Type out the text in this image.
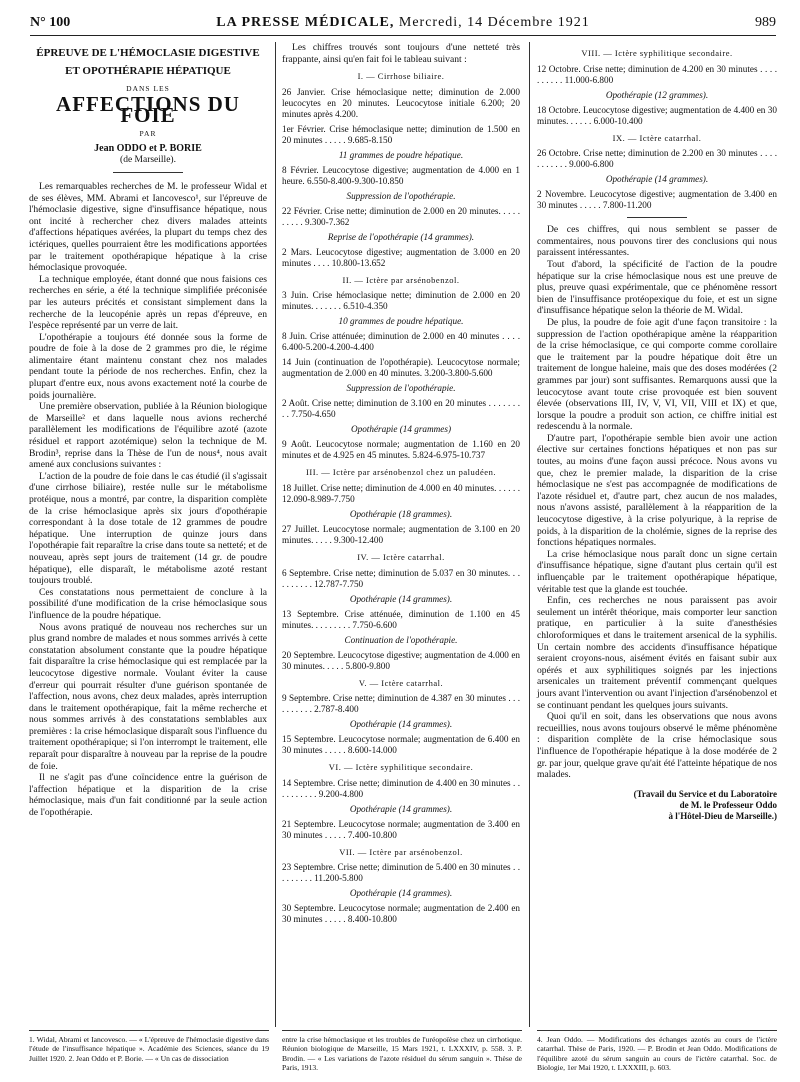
N° 100	LA PRESSE MÉDICALE, Mercredi, 14 Décembre 1921	989
ÉPREUVE DE L'HÉMOCLASIE DIGESTIVE
ET OPOTHÉRAPIE HÉPATIQUE
DANS LES
AFFECTIONS DU FOIE
PAR
Jean ODDO et P. BORIE
(de Marseille).

Les remarquables recherches de M. le professeur Widal et de ses élèves, MM. Abrami et Iancovesco¹, sur l'épreuve de l'hémoclasie digestive, signe d'insuffisance hépatique, nous ont incité à rechercher chez divers malades atteints d'affections hépatiques avérées, la plupart du temps chez des ictériques, quelles pourraient être les modifications apportées par le traitement opothérapique hépatique à la crise hémoclasique provoquée.

La technique employée, étant donné que nous faisions ces recherches en série, a été la technique simplifiée préconisée par les auteurs précités et consistant simplement dans la recherche de la leucopénie après un repas d'épreuve, en l'espèce représenté par un verre de lait.

L'opothérapie a toujours été donnée sous la forme de poudre de foie à la dose de 2 grammes pro die, le régime alimentaire étant maintenu constant chez nos malades pendant toute la période de nos recherches. Enfin, chez la plupart d'entre eux, nous avons exactement noté la courbe de poids journalière.

Une première observation, publiée à la Réunion biologique de Marseille² et dans laquelle nous avions recherché parallèlement les modifications de l'équilibre azoté (azote résiduel et rapport azotémique) selon la technique de M. Brodin³, reprise dans la Thèse de l'un de nous⁴, nous avait amené aux conclusions suivantes :

L'action de la poudre de foie dans le cas étudié (il s'agissait d'une cirrhose biliaire), restée nulle sur le métabolisme protéique, nous a montré, par contre, la disparition complète de la crise hémoclasique après six jours d'opothérapie correspondant à la dose totale de 12 grammes de poudre hépatique. Une interruption de quinze jours dans l'opothérapie fait reparaître la crise dans toute sa netteté; et de nouveau, après sept jours de traitement (14 gr. de poudre hépatique), elle disparaît, le métabolisme azoté restant toujours troublé.

Ces constatations nous permettaient de conclure à la possibilité d'une modification de la crise hémoclasique sous l'influence de la poudre hépatique.

Nous avons pratiqué de nouveau nos recherches sur un plus grand nombre de malades et nous sommes arrivés à cette constatation absolument constante que la poudre hépatique fait disparaître la crise hémoclasique qui est remplacée par la leucocytose digestive normale. Voulant éviter la cause d'erreur qui pourrait résulter d'une guérison spontanée de l'affection, nous avons, chez deux malades, après interruption dans le traitement opothérapique, fait la même recherche et nous sommes arrivés à des constatations semblables aux premières : la crise hémoclasique disparaît sous l'influence du traitement opothérapique; si l'on interrompt le traitement, elle reparaît pour disparaître à nouveau par la reprise de la poudre de foie.

Il ne s'agit pas d'une coïncidence entre la guérison de l'affection hépatique et la disparition de la crise hémoclasique, mais d'un fait conditionné par la seule action de l'opothérapie.

Les chiffres trouvés sont toujours d'une netteté très frappante, ainsi qu'en fait foi le tableau suivant :

I. — Cirrhose biliaire.
26 Janvier. Crise hémoclasique nette; diminution de 2.000 leucocytes en 20 minutes. Leucocytose initiale 6.200; 20 minutes après 4.200.
1er Février. Crise hémoclasique nette; diminution de 1.500 en 20 minutes . . . . . 9.685-8.150
11 grammes de poudre hépatique.
8 Février. Leucocytose digestive; augmentation de 4.000 en 1 heure. 6.550-8.400-9.300-10.850
Suppression de l'opothérapie.
22 Février. Crise nette; diminution de 2.000 en 20 minutes. . . . . . . . . . 9.300-7.362
Reprise de l'opothérapie (14 grammes).
2 Mars. Leucocytose digestive; augmentation de 3.000 en 20 minutes . . . . 10.800-13.652
II. — Ictère par arsénobenzol.
3 Juin. Crise hémoclasique nette; diminution de 2.000 en 20 minutes. . . . . . . 6.510-4.350
10 grammes de poudre hépatique.
8 Juin. Crise atténuée; diminution de 2.000 en 40 minutes . . . . 6.400-5.200-4.200-4.400
14 Juin (continuation de l'opothérapie). Leucocytose normale; augmentation de 2.000 en 40 minutes. 3.200-3.800-5.600
Suppression de l'opothérapie.
2 Août. Crise nette; diminution de 3.100 en 20 minutes . . . . . . . . . 7.750-4.650
Opothérapie (14 grammes)
9 Août. Leucocytose normale; augmentation de 1.160 en 20 minutes et de 4.925 en 45 minutes. 5.824-6.975-10.737
III. — Ictère par arsénobenzol chez un paludéen.
18 Juillet. Crise nette; diminution de 4.000 en 40 minutes. . . . . . 12.090-8.989-7.750
Opothérapie (18 grammes).
27 Juillet. Leucocytose normale; augmentation de 3.100 en 20 minutes. . . . . 9.300-12.400
IV. — Ictère catarrhal.
6 Septembre. Crise nette; diminution de 5.037 en 30 minutes. . . . . . . . . . 12.787-7.750
Opothérapie (14 grammes).
13 Septembre. Crise atténuée, diminution de 1.100 en 45 minutes. . . . . . . . . 7.750-6.600
Continuation de l'opothérapie.
20 Septembre. Leucocytose digestive; augmentation de 4.000 en 30 minutes. . . . . 5.800-9.800
V. — Ictère catarrhal.
9 Septembre. Crise nette; diminution de 4.387 en 30 minutes . . . . . . . . . . 2.787-8.400
Opothérapie (14 grammes).
15 Septembre. Leucocytose normale; augmentation de 6.400 en 30 minutes . . . . . 8.600-14.000
VI. — Ictère syphilitique secondaire.
14 Septembre. Crise nette; diminution de 4.400 en 30 minutes . . . . . . . . . . 9.200-4.800
Opothérapie (14 grammes).
21 Septembre. Leucocytose normale; augmentation de 3.400 en 30 minutes . . . . . 7.400-10.800
VII. — Ictère par arsénobenzol.
23 Septembre. Crise nette; diminution de 5.400 en 30 minutes . . . . . . . . . 11.200-5.800
Opothérapie (14 grammes).
30 Septembre. Leucocytose normale; augmentation de 2.400 en 30 minutes . . . . . 8.400-10.800
VIII. — Ictère syphilitique secondaire.
12 Octobre. Crise nette; diminution de 4.200 en 30 minutes . . . . . . . . . . 11.000-6.800
Opothérapie (12 grammes).
18 Octobre. Leucocytose digestive; augmentation de 4.400 en 30 minutes. . . . . . 6.000-10.400
IX. — Ictère catarrhal.
26 Octobre. Crise nette; diminution de 2.200 en 30 minutes . . . . . . . . . . . 9.000-6.800
Opothérapie (14 grammes).
2 Novembre. Leucocytose digestive; augmentation de 3.400 en 30 minutes . . . . . 7.800-11.200

De ces chiffres, qui nous semblent se passer de commentaires, nous pouvons tirer des conclusions qui nous paraissent intéressantes.

Tout d'abord, la spécificité de l'action de la poudre hépatique sur la crise hémoclasique nous est une preuve de plus, preuve quasi expérimentale, que ce phénomène ressort bien de l'insuffisance protéopexique du foie, et est un signe d'insuffisance hépatique selon la théorie de M. Widal.

De plus, la poudre de foie agit d'une façon transitoire : la suppression de l'action opothérapique amène la réapparition de la crise hémoclasique, ce qui comporte comme corollaire que le traitement par la poudre hépatique doit être un traitement de longue haleine, mais que des doses modérées (2 grammes par jour) sont suffisantes. Remarquons aussi que la leucocytose avant toute crise provoquée est bien souvent élevée (observations III, IV, V, VI, VII, VIII et IX) et que, lorsque la poudre a produit son action, ce chiffre initial est redescendu à la normale.

D'autre part, l'opothérapie semble bien avoir une action élective sur certaines fonctions hépatiques et non pas sur toutes, au moins d'une façon aussi précoce. Nous avons vu que, chez le premier malade, la disparition de la crise hémoclasique ne s'est pas accompagnée de modifications de l'azote résiduel et, d'autre part, chez aucun de nos malades, nous n'avons assisté, parallèlement à la réapparition de la leucocytose digestive, à la crise polyurique, à la reprise de poids, à la disparition de la cholémie, signes de la reprise des fonctions hépatiques normales.

La crise hémoclasique nous paraît donc un signe certain d'insuffisance hépatique, signe d'autant plus certain qu'il est influençable par le traitement opothérapique hépatique, véritable test que la glande est touchée.

Enfin, ces recherches ne nous paraissent pas avoir seulement un intérêt théorique, mais comporter leur sanction pratique, en particulier à la suite d'anesthésies chloroformiques et dans le traitement arsenical de la syphilis. Un certain nombre des accidents d'insuffisance hépatique seraient croyons-nous, aisément évités en faisant subir aux opérés et aux syphilitiques soignés par les injections arsenicales un traitement préventif commençant quelques jours avant l'intervention ou avant l'injection d'arsénobenzol et se continuant pendant les quelques jours suivants.

Quoi qu'il en soit, dans les observations que nous avons recueillies, nous avons toujours observé le même phénomène : disparition complète de la crise hémoclasique sous l'influence de l'opothérapie hépatique à la dose modérée de 2 gr. par jour, quelque grave qu'ait été l'atteinte hépatique de nos malades.

(Travail du Service et du Laboratoire
de M. le Professeur Oddo
à l'Hôtel-Dieu de Marseille.)
1. Widal, Abrami et Iancovesco. — « L'épreuve de l'hémoclasie digestive dans l'étude de l'insuffisance hépatique ». Académie des Sciences, séance du 19 Juillet 1920. 2. Jean Oddo et P. Borie. — « Un cas de dissociation
entre la crise hémoclasique et les troubles de l'uréopoïèse chez un cirrhotique. Réunion biologique de Marseille, 15 Mars 1921, t. LXXXIV, p. 558. 3. P. Brodin. — « Les variations de l'azote résiduel du sérum sanguin ». Thèse de Paris, 1913.
4. Jean Oddo. — Modifications des échanges azotés au cours de l'ictère catarrhal. Thèse de Paris, 1920. — P. Brodin et Jean Oddo. Modifications de l'équilibre azoté du sérum sanguin au cours de l'ictère catarrhal. Soc. de Biologie, 1er Mai 1920, t. LXXXIII, p. 603.
